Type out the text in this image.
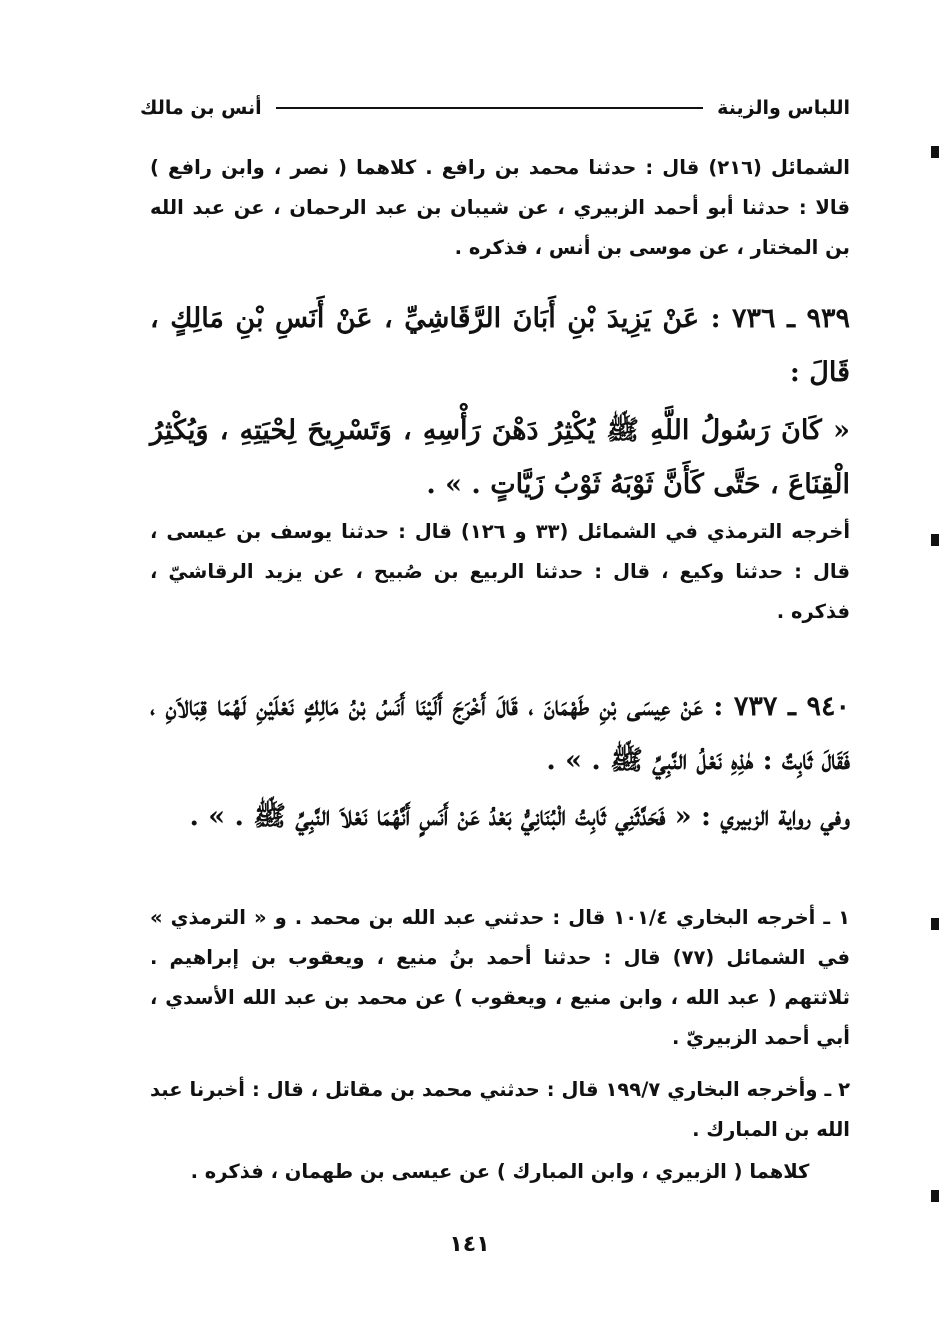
اللباس والزينة
أنس بن مالك

الشمائل (٢١٦) قال : حدثنا محمد بن رافع . كلاهما ( نصر ، وابن رافع ) قالا : حدثنا أبو أحمد الزبيري ، عن شيبان بن عبد الرحمان ، عن عبد الله بن المختار ، عن موسى بن أنس ، فذكره .

٩٣٩ ـ ٧٣٦ : عَنْ يَزِيدَ بْنِ أَبَانَ الرَّقَاشِيِّ ، عَنْ أَنَسِ بْنِ مَالِكٍ ، قَالَ :

« كَانَ رَسُولُ اللَّهِ ﷺ يُكْثِرُ دَهْنَ رَأْسِهِ ، وَتَسْرِيحَ لِحْيَتِهِ ، وَيُكْثِرُ الْقِنَاعَ ، حَتَّى كَأَنَّ ثَوْبَهُ ثَوْبُ زَيَّاتٍ . » .

أخرجه الترمذي في الشمائل (٣٣ و ١٢٦) قال : حدثنا يوسف بن عيسى ، قال : حدثنا وكيع ، قال : حدثنا الربيع بن صُبيح ، عن يزيد الرقاشيّ ، فذكره .

٩٤٠ ـ ٧٣٧ : عَنْ عِيسَى بْنِ طَهْمَانَ ، قَالَ أَخْرَجَ أَلَيْنَا أَنَسُ بْنُ مَالِكٍ نَعْلَيْنِ لَهُمَا قِبَالاَنِ ، فَقَالَ ثَابِتٌ : هٰذِهِ نَعْلُ النَّبِيِّ ﷺ . » .

وفي رواية الزبيري : « فَحَدَّثَنِي ثَابِتُ الْبُنَانِيُّ بَعْدُ عَنْ أَنَسٍ أَنَّهُمَا نَعْلاَ النَّبِيِّ ﷺ . » .

١ ـ أخرجه البخاري ١٠١/٤ قال : حدثني عبد الله بن محمد . و « الترمذي » في الشمائل (٧٧) قال : حدثنا أحمد بنُ منيع ، ويعقوب بن إبراهيم . ثلاثتهم ( عبد الله ، وابن منيع ، ويعقوب ) عن محمد بن عبد الله الأسدي ، أبي أحمد الزبيريّ .

٢ ـ وأخرجه البخاري ١٩٩/٧ قال : حدثني محمد بن مقاتل ، قال : أخبرنا عبد الله بن المبارك .

كلاهما ( الزبيري ، وابن المبارك ) عن عيسى بن طهمان ، فذكره .

١٤١
